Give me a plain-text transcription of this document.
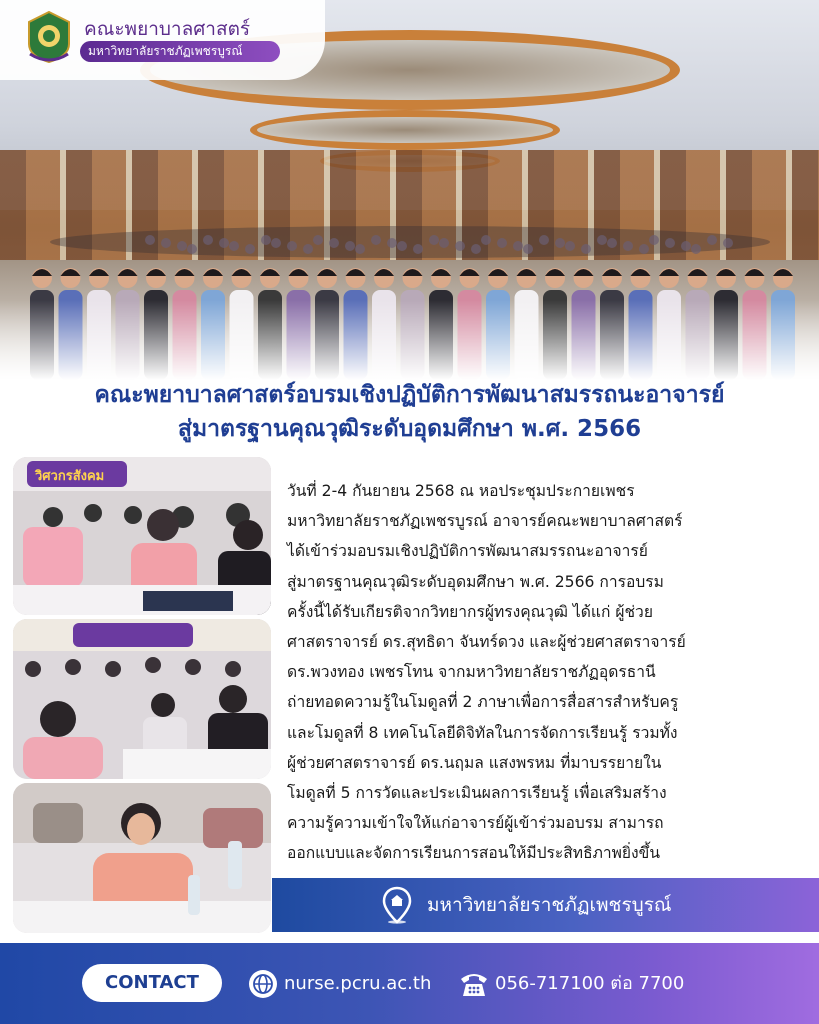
คณะพยาบาลศาสตร์
มหาวิทยาลัยราชภัฏเพชรบูรณ์
คณะพยาบาลศาสตร์อบรมเชิงปฏิบัติการพัฒนาสมรรถนะอาจารย์
สู่มาตรฐานคุณวุฒิระดับอุดมศึกษา พ.ศ. 2566
วิศวกรสังคม
วันที่ 2-4 กันยายน 2568 ณ หอประชุมประกายเพชร
มหาวิทยาลัยราชภัฏเพชรบูรณ์ อาจารย์คณะพยาบาลศาสตร์
ได้เข้าร่วมอบรมเชิงปฏิบัติการพัฒนาสมรรถนะอาจารย์
สู่มาตรฐานคุณวุฒิระดับอุดมศึกษา พ.ศ. 2566 การอบรม
ครั้งนี้ได้รับเกียรติจากวิทยากรผู้ทรงคุณวุฒิ ได้แก่ ผู้ช่วย
ศาสตราจารย์ ดร.สุทธิดา จันทร์ดวง และผู้ช่วยศาสตราจารย์
ดร.พวงทอง เพชรโทน จากมหาวิทยาลัยราชภัฏอุดรธานี
ถ่ายทอดความรู้ในโมดูลที่ 2 ภาษาเพื่อการสื่อสารสำหรับครู
และโมดูลที่ 8 เทคโนโลยีดิจิทัลในการจัดการเรียนรู้ รวมทั้ง
ผู้ช่วยศาสตราจารย์ ดร.นฤมล แสงพรหม ที่มาบรรยายใน
โมดูลที่ 5 การวัดและประเมินผลการเรียนรู้ เพื่อเสริมสร้าง
ความรู้ความเข้าใจให้แก่อาจารย์ผู้เข้าร่วมอบรม สามารถ
ออกแบบและจัดการเรียนการสอนให้มีประสิทธิภาพยิ่งขึ้น
มหาวิทยาลัยราชภัฏเพชรบูรณ์
CONTACT	nurse.pcru.ac.th	056-717100 ต่อ 7700
